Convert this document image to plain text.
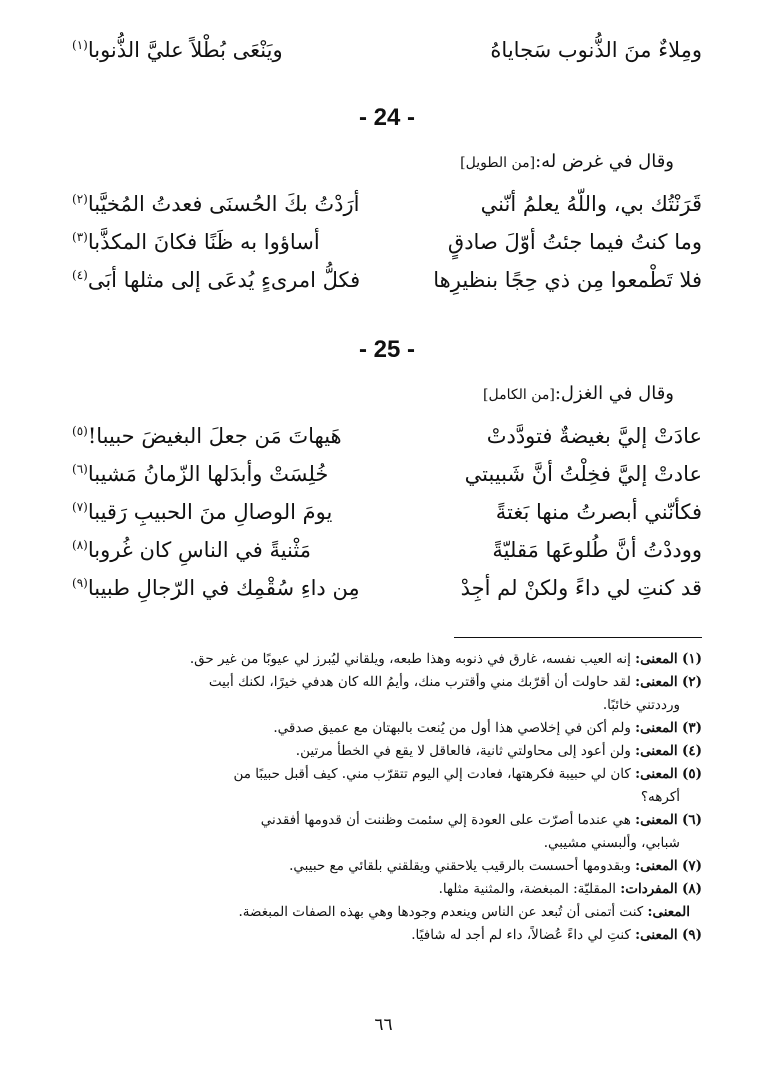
ومِلاءٌ منَ الذُّنوب سَجاياهُ
ويَنْعَى بُطْلاً عليَّ الذُّنوبا$^{(١)}$
- 24 -
وقال في غرض له:[من الطويل]
قَرَنْتُك بي، واللّهُ يعلمُ أنّني
أرَدْتُ بكَ الحُسنَى فعدتُ المُخيَّبا$^{(٢)}$
وما كنتُ فيما جئتُ أوّلَ صادقٍ
أساؤوا به ظَنًا فكانَ المكذَّبا$^{(٣)}$
فلا تَطْمعوا مِن ذي حِجًا بنظيرِها
فكلُّ امرىءٍ يُدعَى إلى مثلها أبَى$^{(٤)}$
- 25 -
وقال في الغزل:[من الكامل]
عادَتْ إليَّ بغيضةٌ فتودَّدتْ
هَيهاتَ مَن جعلَ البغيضَ حبيبا!$^{(٥)}$
عادتْ إليَّ فخِلْتُ أنَّ شَبيبتي
خُلِسَتْ وأبدَلها الزّمانُ مَشيبا$^{(٦)}$
فكأنّني أبصرتُ منها بَغتةً
يومَ الوصالِ منَ الحبيبِ رَقيبا$^{(٧)}$
ووددْتُ أنَّ طُلوعَها مَقليّةً
مَثْنيةً في الناسِ كان غُروبا$^{(٨)}$
قد كنتِ لي داءً ولكنْ لم أجِدْ
مِن داءِ سُقْمِك في الرّجالِ طبيبا$^{(٩)}$
(١) المعنى: إنه العيب نفسه، غارق في ذنوبه وهذا طبعه، ويلقاني ليُبرز لي عيوبًا من غير حق.
(٢) المعنى: لقد حاولت أن أقرّبك مني وأقترب منك، وأيمُ الله كان هدفي خيرًا، لكنك أبيت
ورددتني خائبًا.
(٣) المعنى: ولم أكن في إخلاصي هذا أول من يُنعت بالبهتان مع عميق صدقي.
(٤) المعنى: ولن أعود إلى محاولتي ثانية، فالعاقل لا يقع في الخطأ مرتين.
(٥) المعنى: كان لي حبيبة فكرهتها، فعادت إلي اليوم تتقرّب مني. كيف أقبل حبيبًا من
أكرهه؟
(٦) المعنى: هي عندما أصرّت على العودة إلي سئمت وظننت أن قدومها أفقدني
شبابي، وألبسني مشيبي.
(٧) المعنى: وبقدومها أحسست بالرقيب يلاحقني ويقلقني بلقائي مع حبيبي.
(٨) المفردات: المقليّة: المبغضة، والمثنية مثلها.
المعنى: كنت أتمنى أن تُبعد عن الناس وينعدم وجودها وهي بهذه الصفات المبغضة.
(٩) المعنى: كنتِ لي داءً عُضالاً، داء لم أجد له شافيًا.
٦٦
